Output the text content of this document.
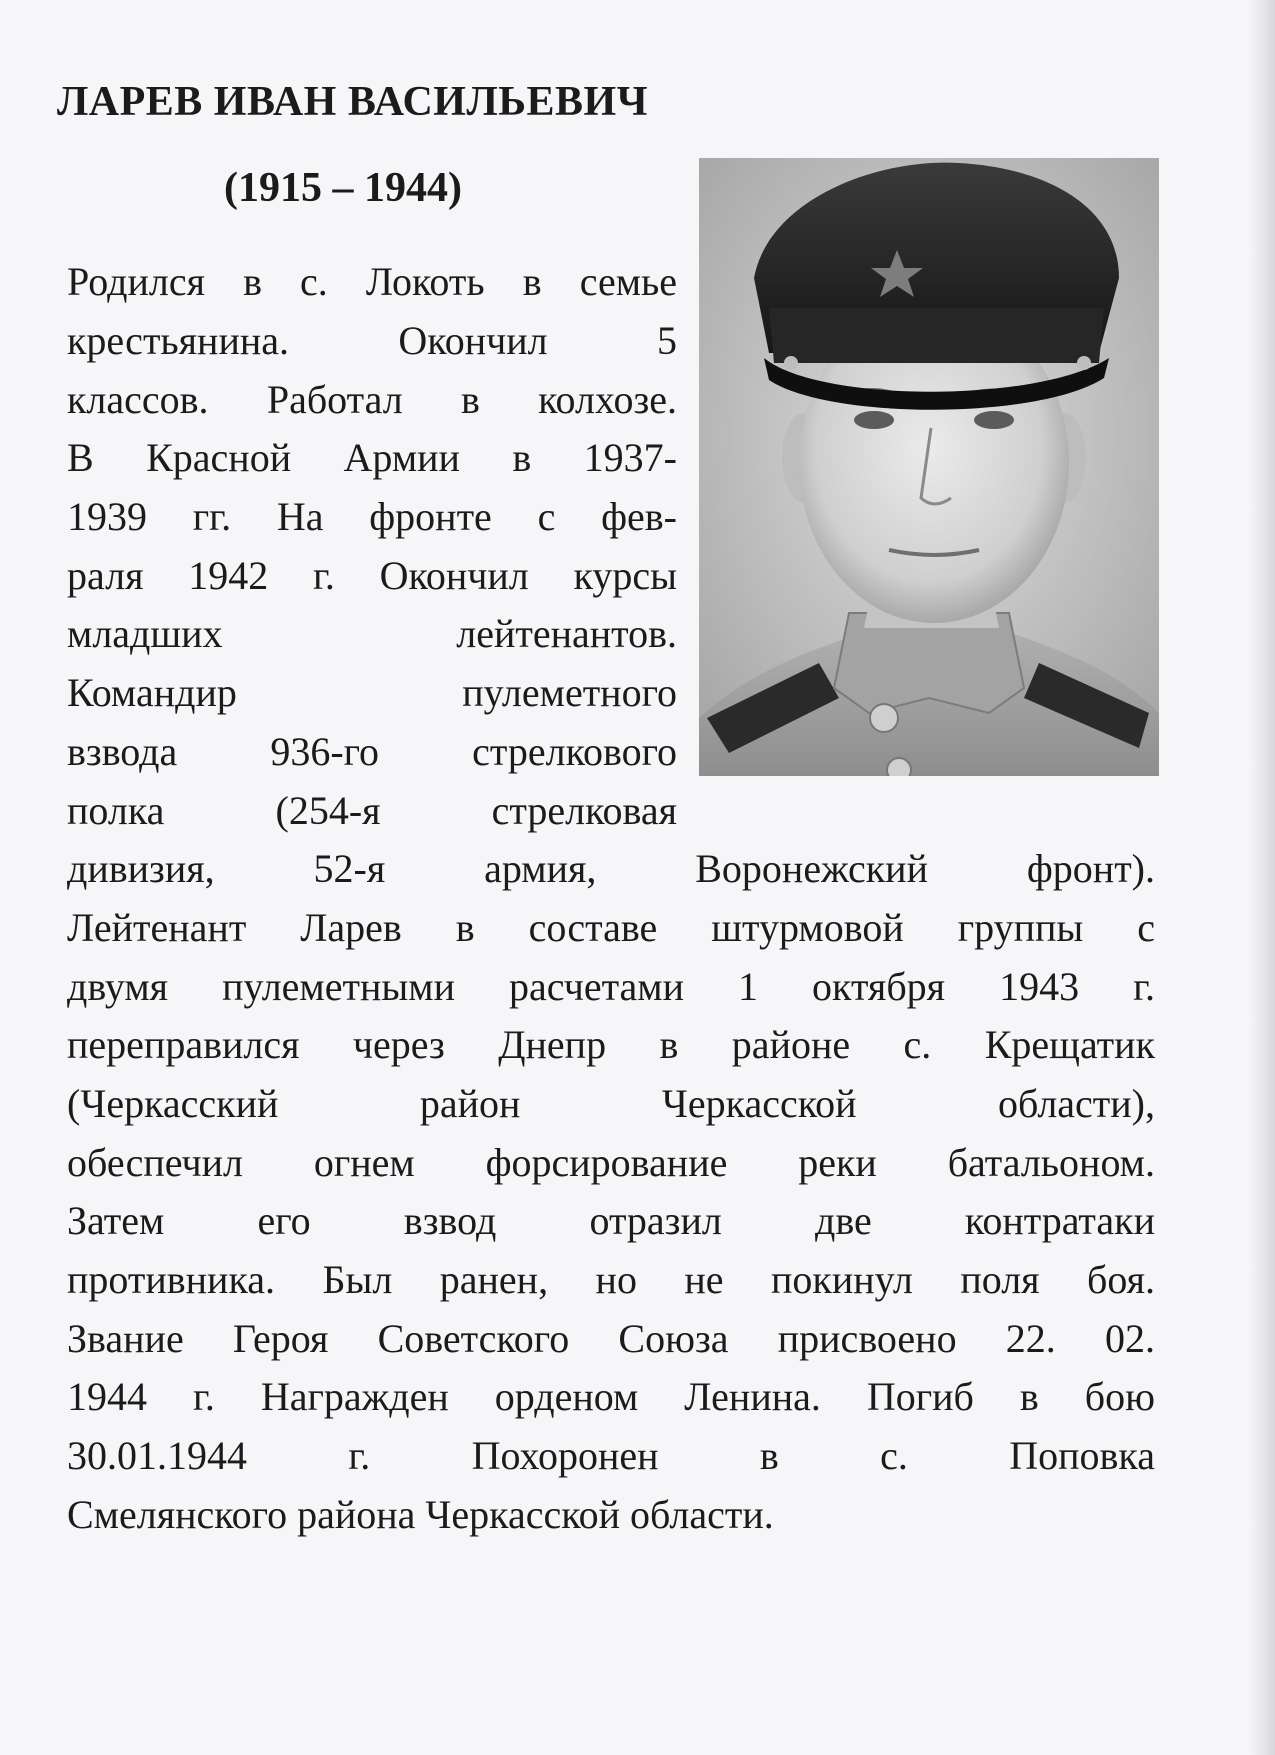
ЛАРЕВ ИВАН ВАСИЛЬЕВИЧ
(1915 – 1944)
Родился в с. Локоть в семье
крестьянина. Окончил 5
классов. Работал в колхозе.
В Красной Армии в 1937-
1939 гг. На фронте с фев-
раля 1942 г. Окончил курсы
младших лейтенантов.
Командир пулеметного
взвода 936-го стрелкового
полка (254-я стрелковая
дивизия, 52-я армия, Воронежский фронт).
Лейтенант Ларев в составе штурмовой группы с
двумя пулеметными расчетами 1 октября 1943 г.
переправился через Днепр в районе с. Крещатик
(Черкасский район Черкасской области),
обеспечил огнем форсирование реки батальоном.
Затем его взвод отразил две контратаки
противника. Был ранен, но не покинул поля боя.
Звание Героя Советского Союза присвоено 22. 02.
1944 г. Награжден орденом Ленина. Погиб в бою
30.01.1944 г. Похоронен в с. Поповка
Смелянского района Черкасской области.
